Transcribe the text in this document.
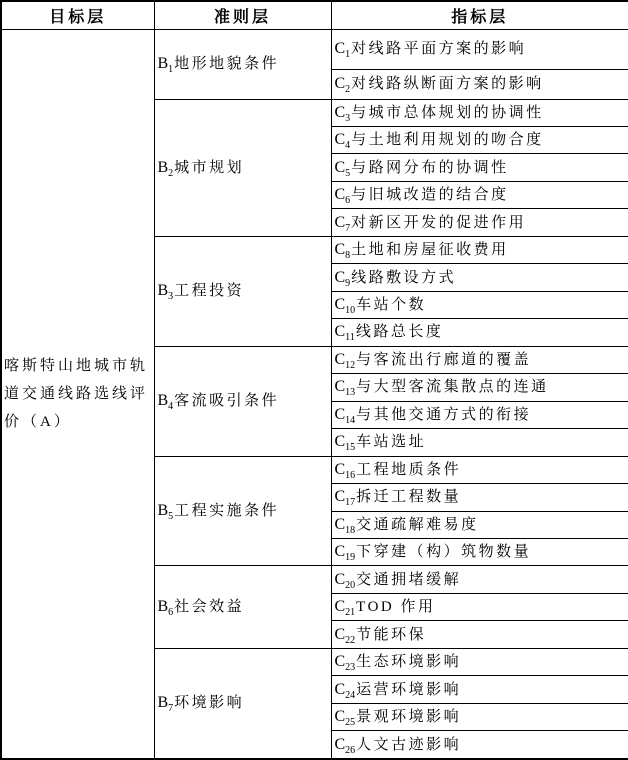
目标层	准则层	指标层
喀斯特山地城市轨道交通线路选线评价（A）	$B_1$地形地貌条件	$C_1$对线路平面方案的影响
		$C_2$对线路纵断面方案的影响
	$B_2$城市规划	$C_3$与城市总体规划的协调性
		$C_4$与土地利用规划的吻合度
		$C_5$与路网分布的协调性
		$C_6$与旧城改造的结合度
		$C_7$对新区开发的促进作用
	$B_3$工程投资	$C_8$土地和房屋征收费用
		$C_9$线路敷设方式
		$C_{10}$车站个数
		$C_{11}$线路总长度
	$B_4$客流吸引条件	$C_{12}$与客流出行廊道的覆盖
		$C_{13}$与大型客流集散点的连通
		$C_{14}$与其他交通方式的衔接
		$C_{15}$车站选址
	$B_5$工程实施条件	$C_{16}$工程地质条件
		$C_{17}$拆迁工程数量
		$C_{18}$交通疏解难易度
		$C_{19}$下穿建（构）筑物数量
	$B_6$社会效益	$C_{20}$交通拥堵缓解
		$C_{21}TOD$ 作用
		$C_{22}$节能环保
	$B_7$环境影响	$C_{23}$生态环境影响
		$C_{24}$运营环境影响
		$C_{25}$景观环境影响
		$C_{26}$人文古迹影响
